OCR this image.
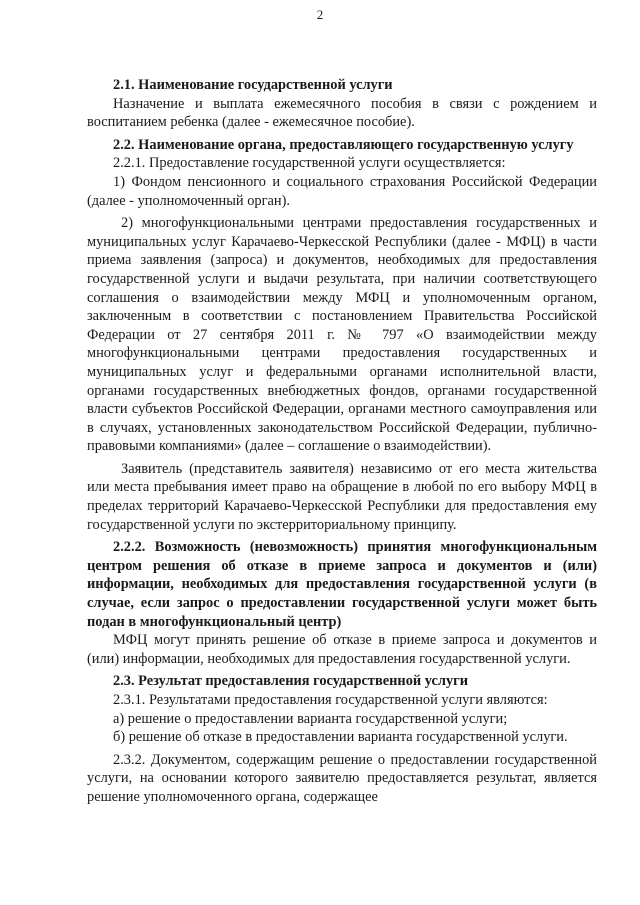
2

2.1. Наименование государственной услуги

Назначение и выплата ежемесячного пособия в связи с рождением и воспитанием ребенка (далее - ежемесячное пособие).

2.2. Наименование органа, предоставляющего государственную услугу

2.2.1. Предоставление государственной услуги осуществляется:

1) Фондом пенсионного и социального страхования Российской Федерации (далее - уполномоченный орган).

2) многофункциональными центрами предоставления государственных и муниципальных услуг Карачаево-Черкесской Республики (далее - МФЦ) в части приема заявления (запроса) и документов, необходимых для предоставления государственной услуги и выдачи результата, при наличии соответствующего соглашения о взаимодействии между МФЦ и уполномоченным органом, заключенным в соответствии с постановлением Правительства Российской Федерации от 27 сентября 2011 г. № 797 «О взаимодействии между многофункциональными центрами предоставления государственных и муниципальных услуг и федеральными органами исполнительной власти, органами государственных внебюджетных фондов, органами государственной власти субъектов Российской Федерации, органами местного самоуправления или в случаях, установленных законодательством Российской Федерации, публично-правовыми компаниями» (далее – соглашение о взаимодействии).

Заявитель (представитель заявителя) независимо от его места жительства или места пребывания имеет право на обращение в любой по его выбору МФЦ в пределах территорий Карачаево-Черкесской Республики для предоставления ему государственной услуги по экстерриториальному принципу.

2.2.2. Возможность (невозможность) принятия многофункциональным центром решения об отказе в приеме запроса и документов и (или) информации, необходимых для предоставления государственной услуги (в случае, если запрос о предоставлении государственной услуги может быть подан в многофункциональный центр)

МФЦ могут принять решение об отказе в приеме запроса и документов и (или) информации, необходимых для предоставления государственной услуги.

2.3. Результат предоставления государственной услуги

2.3.1. Результатами предоставления государственной услуги являются:

а) решение о предоставлении варианта государственной услуги;

б) решение об отказе в предоставлении варианта государственной услуги.

2.3.2. Документом, содержащим решение о предоставлении государственной услуги, на основании которого заявителю предоставляется результат, является решение уполномоченного органа, содержащее
